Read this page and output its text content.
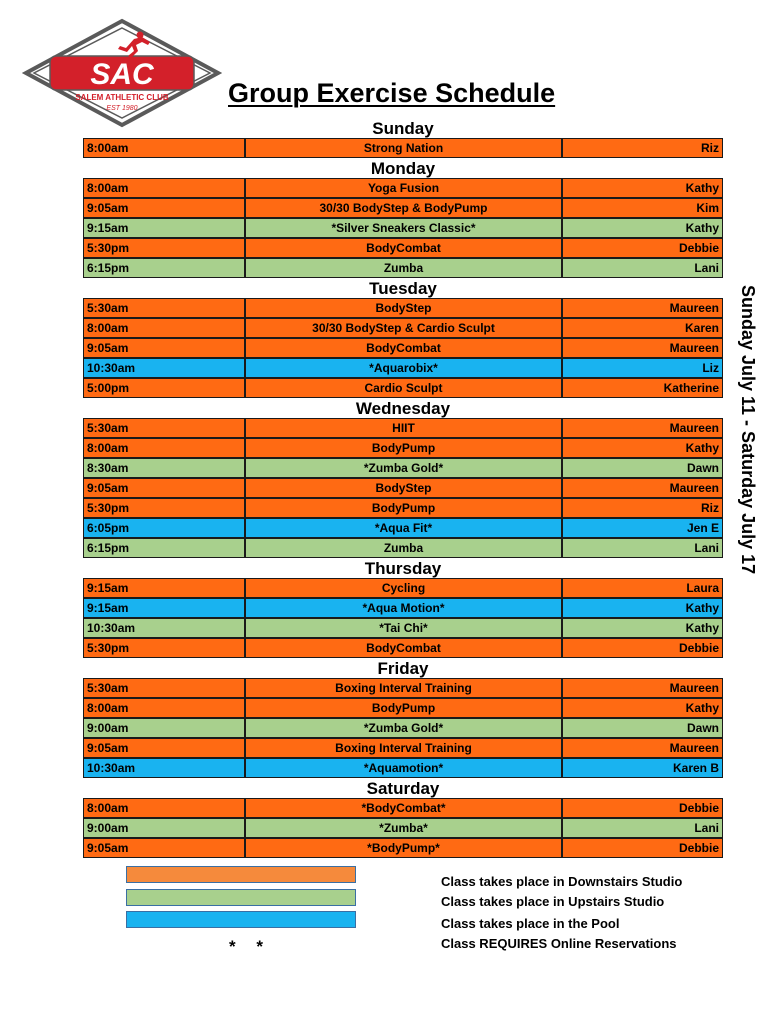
SAC
SALEM ATHLETIC CLUB
EST 1980
Group Exercise Schedule
Sunday
8:00am	Strong Nation	Riz
Monday
8:00am	Yoga Fusion	Kathy
9:05am	30/30 BodyStep & BodyPump	Kim
9:15am	*Silver Sneakers Classic*	Kathy
5:30pm	BodyCombat	Debbie
6:15pm	Zumba	Lani
Tuesday
5:30am	BodyStep	Maureen
8:00am	30/30 BodyStep & Cardio Sculpt	Karen
9:05am	BodyCombat	Maureen
10:30am	*Aquarobix*	Liz
5:00pm	Cardio Sculpt	Katherine
Wednesday
5:30am	HIIT	Maureen
8:00am	BodyPump	Kathy
8:30am	*Zumba Gold*	Dawn
9:05am	BodyStep	Maureen
5:30pm	BodyPump	Riz
6:05pm	*Aqua Fit*	Jen E
6:15pm	Zumba	Lani
Thursday
9:15am	Cycling	Laura
9:15am	*Aqua Motion*	Kathy
10:30am	*Tai Chi*	Kathy
5:30pm	BodyCombat	Debbie
Friday
5:30am	Boxing Interval Training	Maureen
8:00am	BodyPump	Kathy
9:00am	*Zumba Gold*	Dawn
9:05am	Boxing Interval Training	Maureen
10:30am	*Aquamotion*	Karen B
Saturday
8:00am	*BodyCombat*	Debbie
9:00am	*Zumba*	Lani
9:05am	*BodyPump*	Debbie
Sunday July 11 - Saturday July 17
* *
Class takes place in Downstairs Studio
Class takes place in Upstairs Studio
Class takes place in the Pool
Class REQUIRES Online Reservations
